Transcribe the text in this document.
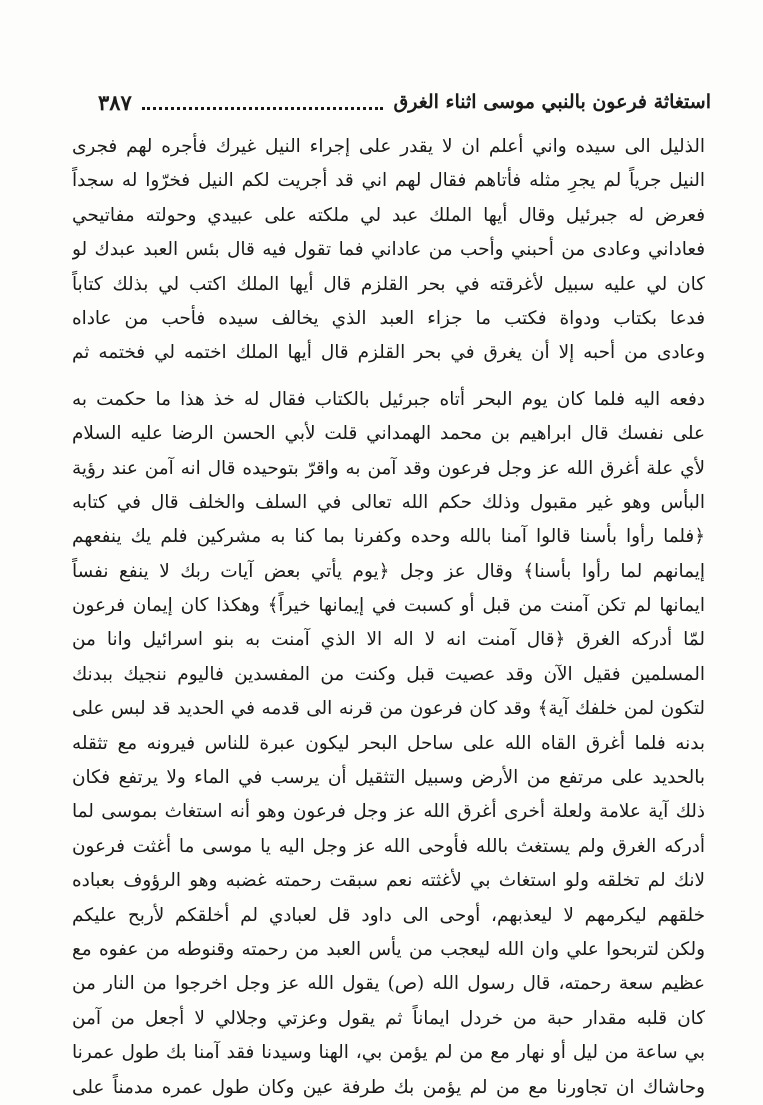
استغاثة فرعون بالنبي موسى اثناء الغرق
٣٨٧
الذليل الى سيده واني أعلم ان لا يقدر على إجراء النيل غيرك فأجره لهم فجرى
النيل جرياً لم يجرِ مثله فأتاهم فقال لهم اني قد أجريت لكم النيل فخرّوا له سجداً
فعرض له جبرئيل وقال أيها الملك عبد لي ملكته على عبيدي وحولته مفاتيحي
فعاداني وعادى من أحبني وأحب من عاداني فما تقول فيه قال بئس العبد عبدك لو
كان لي عليه سبيل لأغرقته في بحر القلزم قال أيها الملك اكتب لي بذلك كتاباً
فدعا بكتاب ودواة فكتب ما جزاء العبد الذي يخالف سيده فأحب من عاداه
وعادى من أحبه إلا أن يغرق في بحر القلزم قال أيها الملك اختمه لي فختمه ثم
دفعه اليه فلما كان يوم البحر أتاه جبرئيل بالكتاب فقال له خذ هذا ما حكمت به
على نفسك قال ابراهيم بن محمد الهمداني قلت لأبي الحسن الرضا عليه السلام
لأي علة أغرق الله عز وجل فرعون وقد آمن به واقرّ بتوحيده قال انه آمن عند رؤية
البأس وهو غير مقبول وذلك حكم الله تعالى في السلف والخلف قال في كتابه
﴿فلما رأوا بأسنا قالوا آمنا بالله وحده وكفرنا بما كنا به مشركين فلم يك ينفعهم
إيمانهم لما رأوا بأسنا﴾ وقال عز وجل ﴿يوم يأتي بعض آيات ربك لا ينفع نفساً
ايمانها لم تكن آمنت من قبل أو كسبت في إيمانها خيراً﴾ وهكذا كان إيمان فرعون
لمّا أدركه الغرق ﴿قال آمنت انه لا اله الا الذي آمنت به بنو اسرائيل وانا من
المسلمين فقيل الآن وقد عصيت قبل وكنت من المفسدين فاليوم ننجيك ببدنك
لتكون لمن خلفك آية﴾ وقد كان فرعون من قرنه الى قدمه في الحديد قد لبس على
بدنه فلما أغرق القاه الله على ساحل البحر ليكون عبرة للناس فيرونه مع تثقله
بالحديد على مرتفع من الأرض وسبيل التثقيل أن يرسب في الماء ولا يرتفع فكان
ذلك آية علامة ولعلة أخرى أغرق الله عز وجل فرعون وهو أنه استغاث بموسى لما
أدركه الغرق ولم يستغث بالله فأوحى الله عز وجل اليه يا موسى ما أغثت فرعون
لانك لم تخلقه ولو استغاث بي لأغثته نعم سبقت رحمته غضبه وهو الرؤوف بعباده
خلقهم ليكرمهم لا ليعذبهم، أوحى الى داود قل لعبادي لم أخلقكم لأربح عليكم
ولكن لتربحوا علي وان الله ليعجب من يأس العبد من رحمته وقنوطه من عفوه مع
عظيم سعة رحمته، قال رسول الله (ص) يقول الله عز وجل اخرجوا من النار من
كان قلبه مقدار حبة من خردل ايماناً ثم يقول وعزتي وجلالي لا أجعل من آمن
بي ساعة من ليل أو نهار مع من لم يؤمن بي، الهنا وسيدنا فقد آمنا بك طول عمرنا
وحاشاك ان تجاورنا مع من لم يؤمن بك طرفة عين وكان طول عمره مدمناً على
